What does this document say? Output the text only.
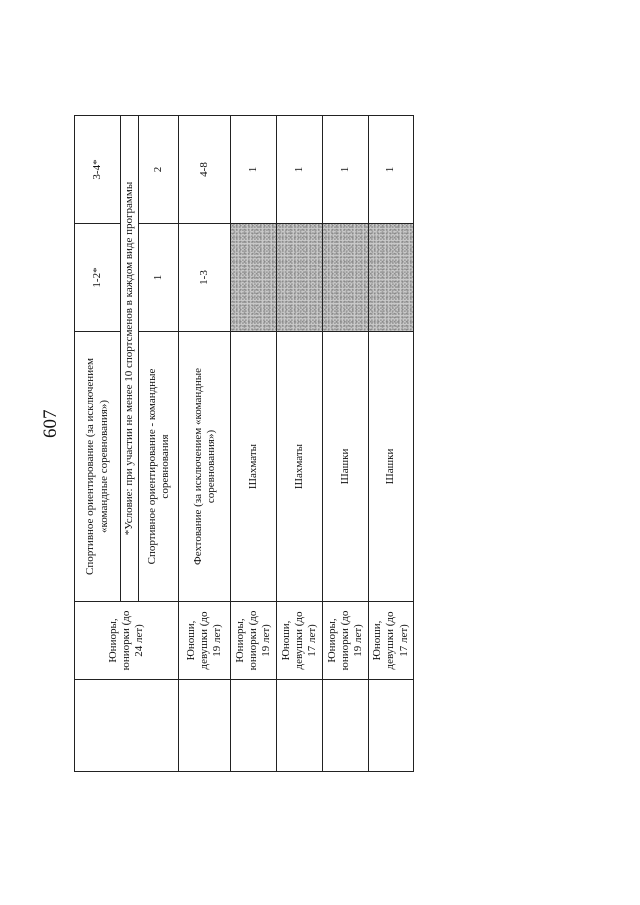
607
	Юниоры, юниорки (до 24 лет)	Спортивное ориентирование (за исключением «командные соревнования»)	1-2*	3-4*
		*Условие: при участии не менее 10 спортсменов в каждом виде программы		
		Спортивное ориентирование - командные соревнования	1	2
	Юноши, девушки (до 19 лет)	Фехтование (за исключением «командные соревнования»)	1-3	4-8
	Юниоры, юниорки (до 19 лет)	Шахматы		1
	Юноши, девушки (до 17 лет)	Шахматы		1
	Юниоры, юниорки (до 19 лет)	Шашки		1
	Юноши, девушки (до 17 лет)	Шашки		1
